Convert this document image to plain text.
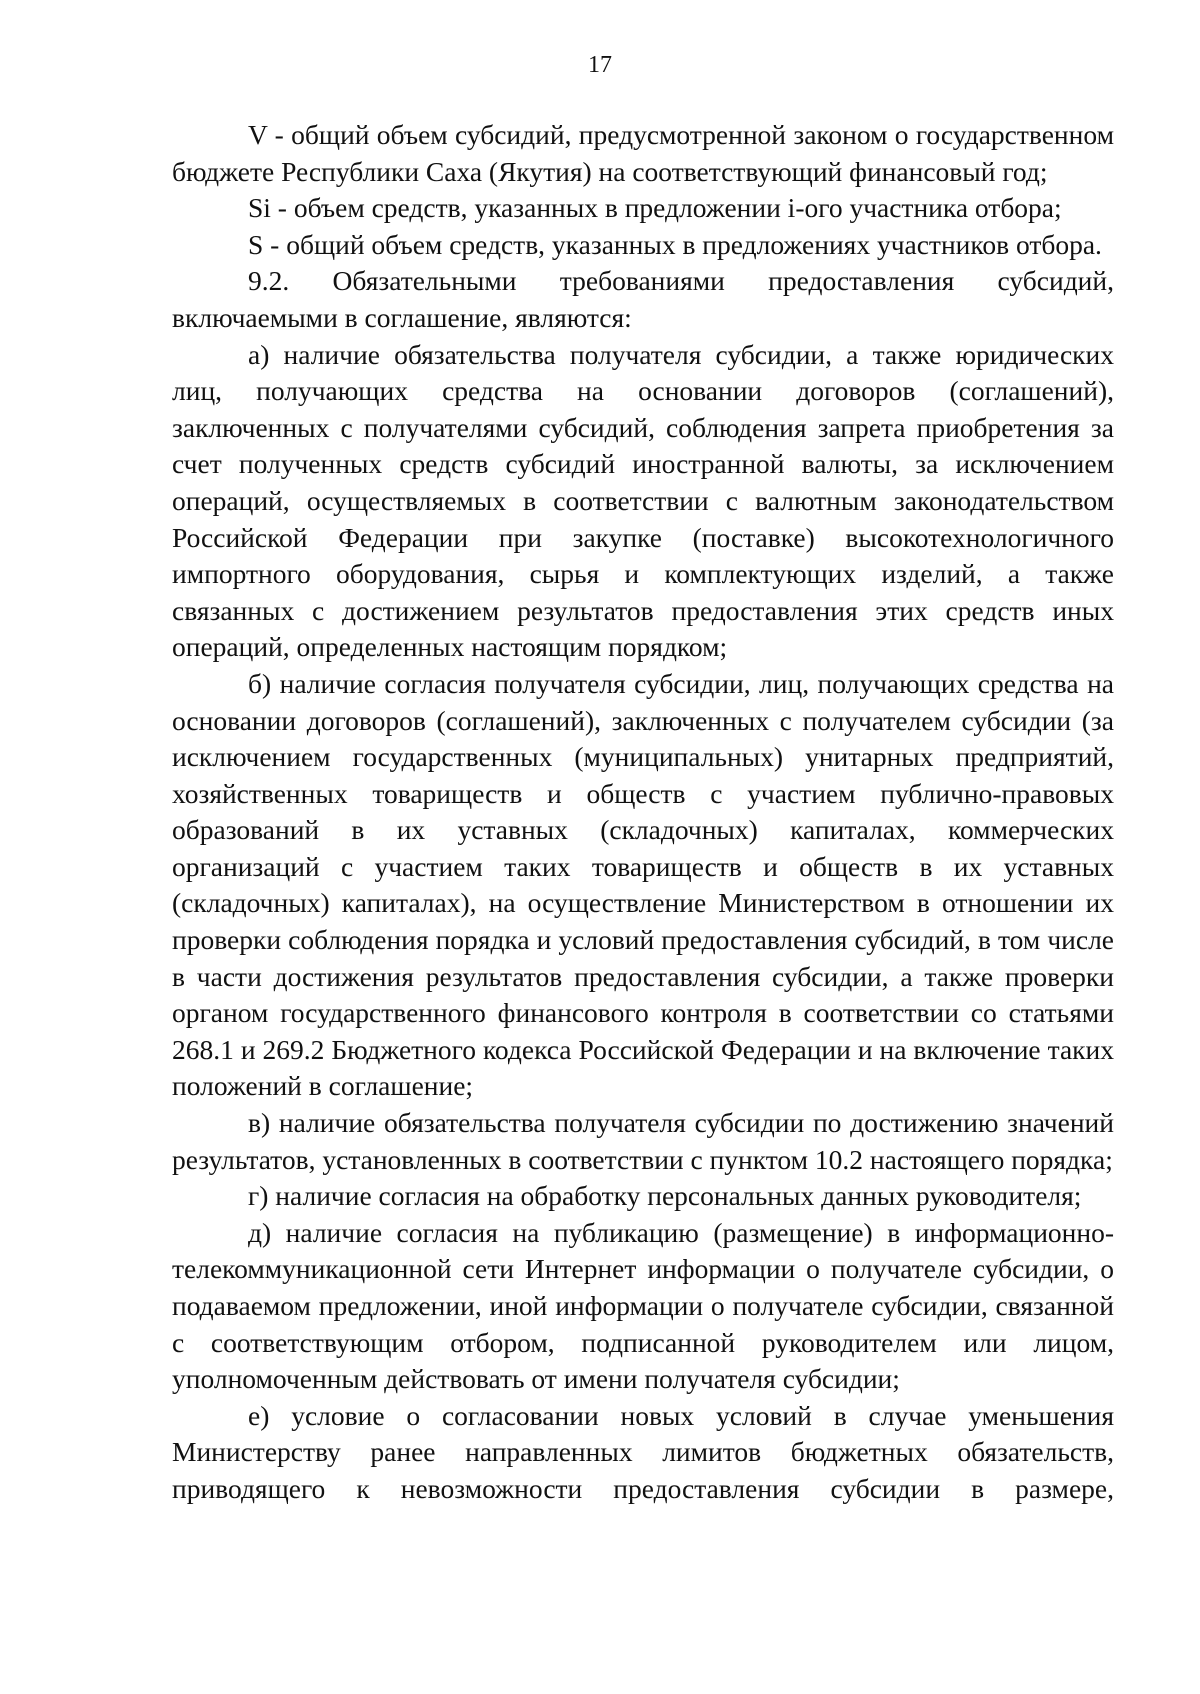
17

V - общий объем субсидий, предусмотренной законом о государственном бюджете Республики Саха (Якутия) на соответствующий финансовый год;

Si - объем средств, указанных в предложении i-ого участника отбора;

S - общий объем средств, указанных в предложениях участников отбора.

9.2. Обязательными требованиями предоставления субсидий, включаемыми в соглашение, являются:

а) наличие обязательства получателя субсидии, а также юридических лиц, получающих средства на основании договоров (соглашений), заключенных с получателями субсидий, соблюдения запрета приобретения за счет полученных средств субсидий иностранной валюты, за исключением операций, осуществляемых в соответствии с валютным законодательством Российской Федерации при закупке (поставке) высокотехнологичного импортного оборудования, сырья и комплектующих изделий, а также связанных с достижением результатов предоставления этих средств иных операций, определенных настоящим порядком;

б) наличие согласия получателя субсидии, лиц, получающих средства на основании договоров (соглашений), заключенных с получателем субсидии (за исключением государственных (муниципальных) унитарных предприятий, хозяйственных товариществ и обществ с участием публично-правовых образований в их уставных (складочных) капиталах, коммерческих организаций с участием таких товариществ и обществ в их уставных (складочных) капиталах), на осуществление Министерством в отношении их проверки соблюдения порядка и условий предоставления субсидий, в том числе в части достижения результатов предоставления субсидии, а также проверки органом государственного финансового контроля в соответствии со статьями 268.1 и 269.2 Бюджетного кодекса Российской Федерации и на включение таких положений в соглашение;

в) наличие обязательства получателя субсидии по достижению значений результатов, установленных в соответствии с пунктом 10.2 настоящего порядка;

г) наличие согласия на обработку персональных данных руководителя;

д) наличие согласия на публикацию (размещение) в информационно-телекоммуникационной сети Интернет информации о получателе субсидии, о подаваемом предложении, иной информации о получателе субсидии, связанной с соответствующим отбором, подписанной руководителем или лицом, уполномоченным действовать от имени получателя субсидии;

е) условие о согласовании новых условий в случае уменьшения Министерству ранее направленных лимитов бюджетных обязательств, приводящего к невозможности предоставления субсидии в размере,
